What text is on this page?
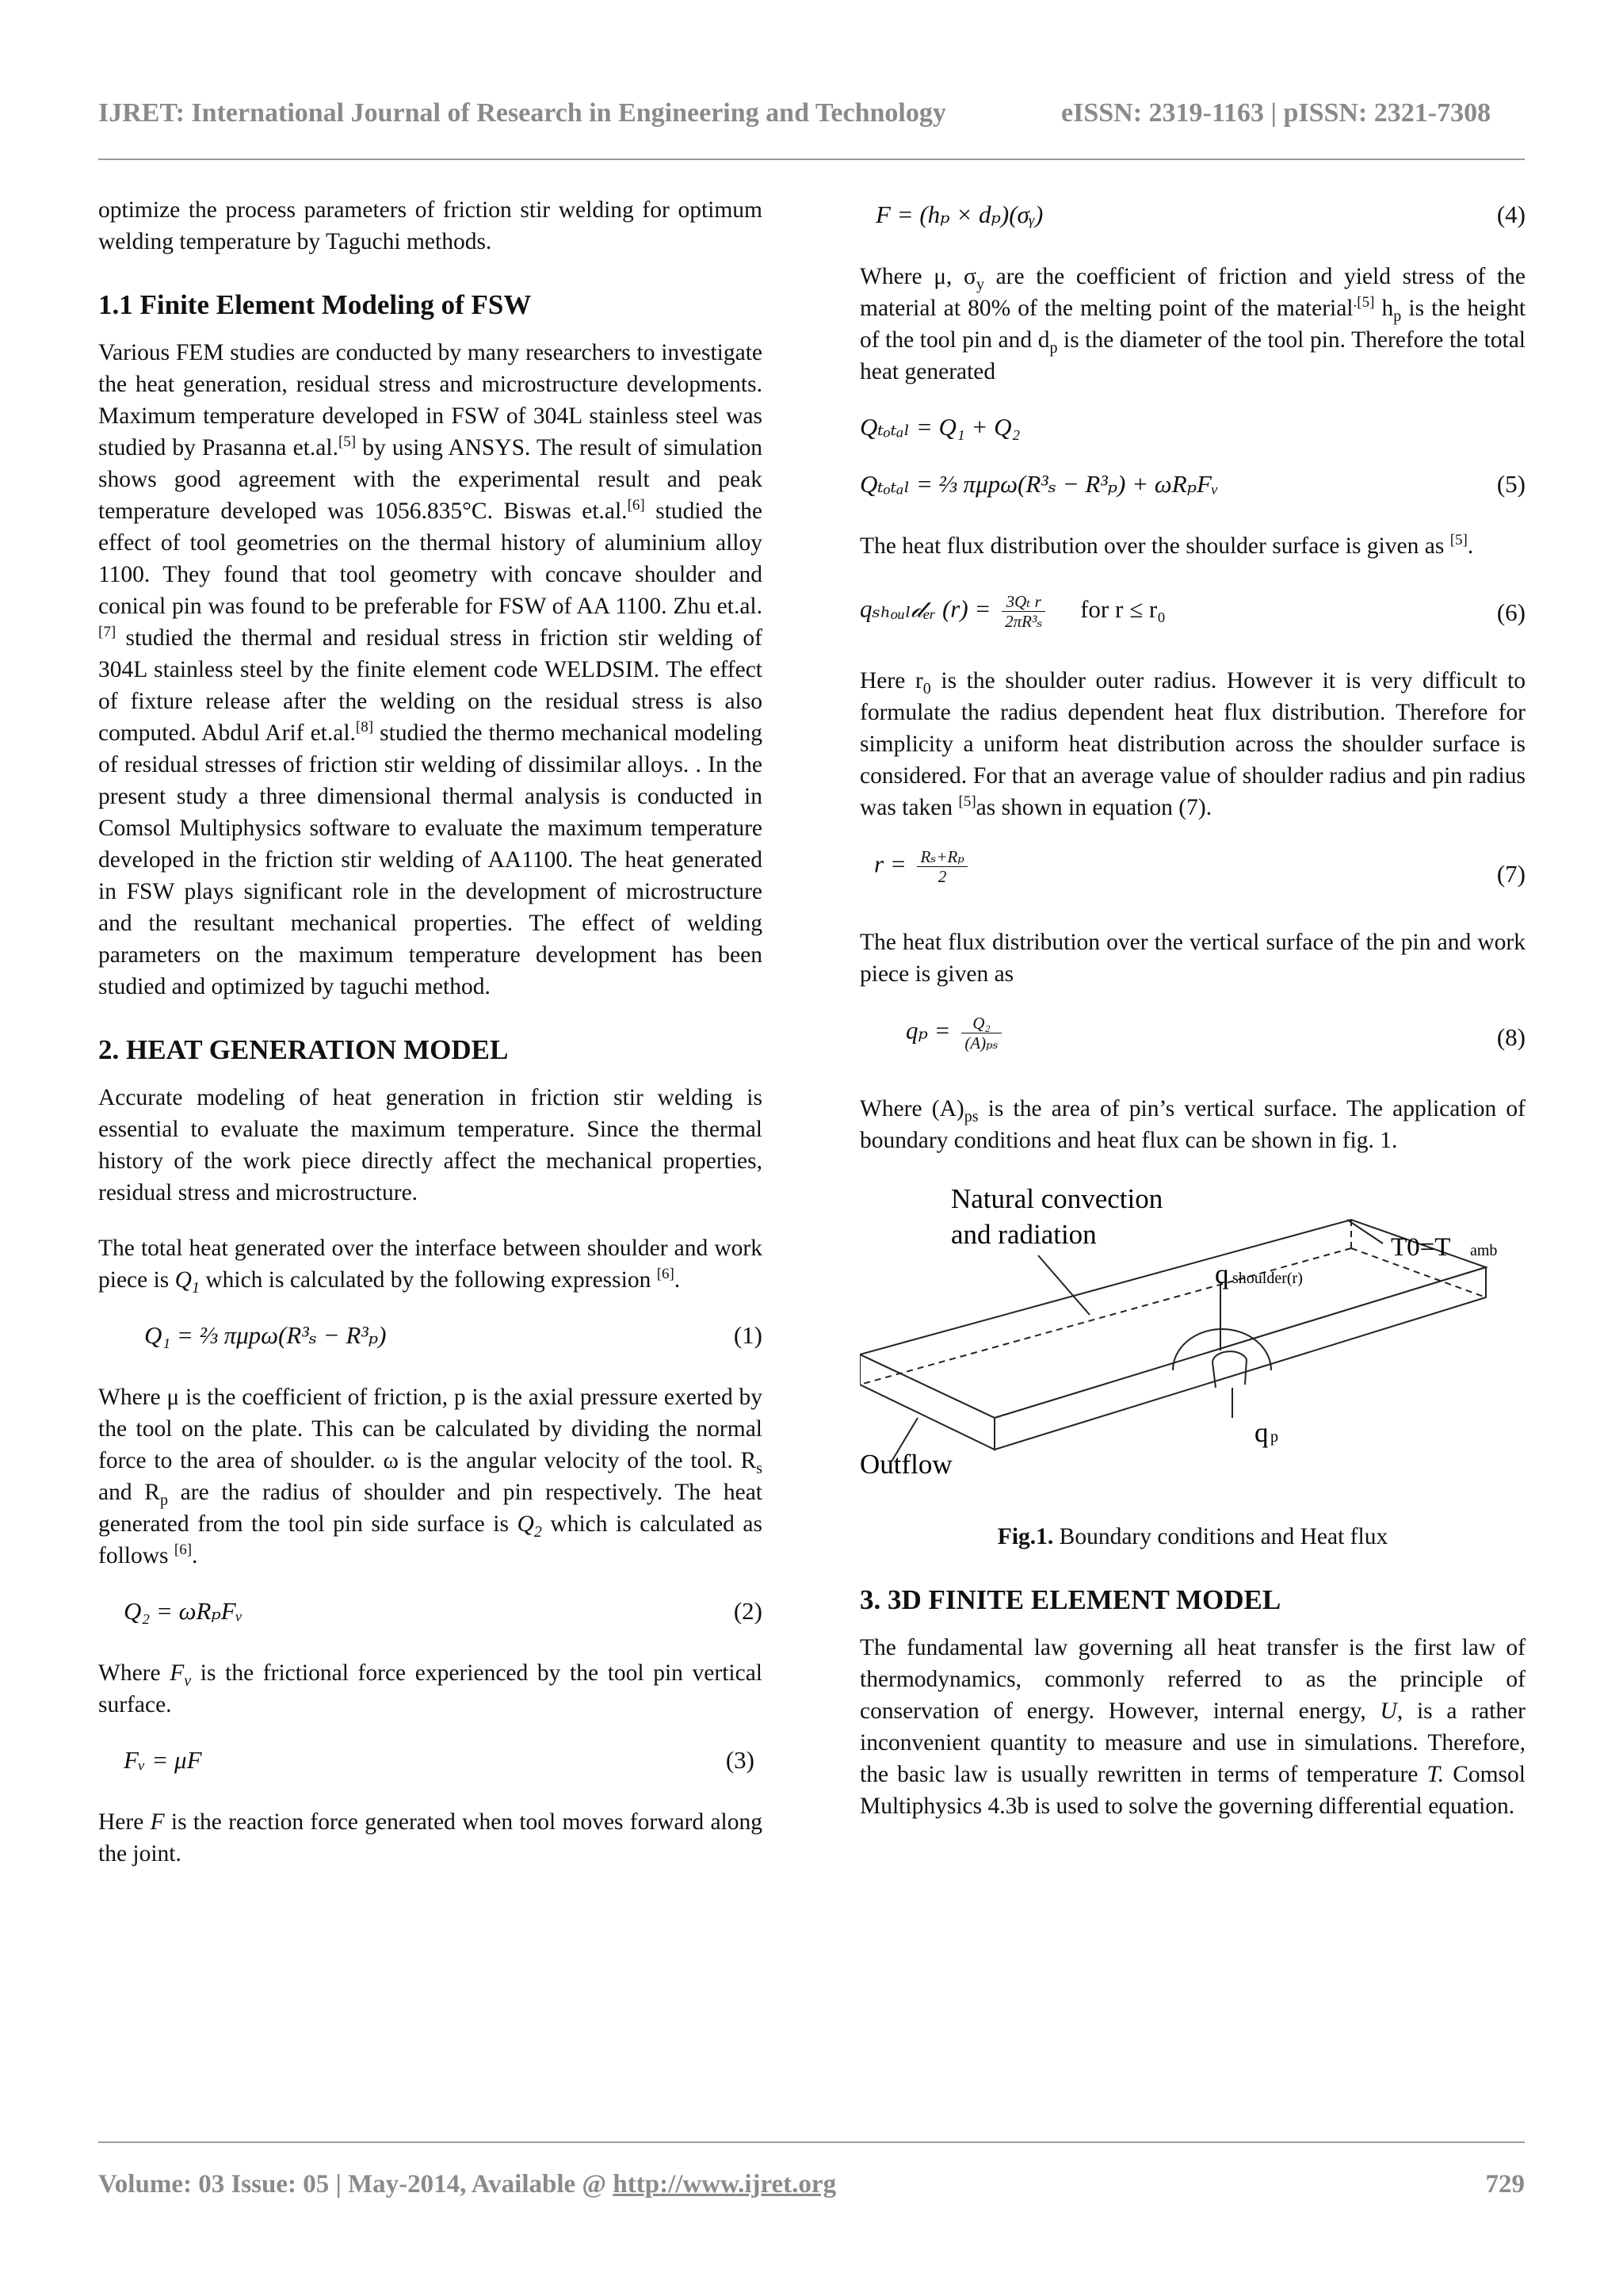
IJRET: International Journal of Research in Engineering and Technology	eISSN: 2319-1163 | pISSN: 2321-7308

optimize the process parameters of friction stir welding for optimum welding temperature by Taguchi methods.

1.1 Finite Element Modeling of FSW

Various FEM studies are conducted by many researchers to investigate the heat generation, residual stress and microstructure developments. Maximum temperature developed in FSW of 304L stainless steel was studied by Prasanna et.al.[5] by using ANSYS. The result of simulation shows good agreement with the experimental result and peak temperature developed was 1056.835°C. Biswas et.al.[6] studied the effect of tool geometries on the thermal history of aluminium alloy 1100. They found that tool geometry with concave shoulder and conical pin was found to be preferable for FSW of AA 1100. Zhu et.al.[7] studied the thermal and residual stress in friction stir welding of 304L stainless steel by the finite element code WELDSIM. The effect of fixture release after the welding on the residual stress is also computed. Abdul Arif et.al.[8] studied the thermo mechanical modeling of residual stresses of friction stir welding of dissimilar alloys. . In the present study a three dimensional thermal analysis is conducted in Comsol Multiphysics software to evaluate the maximum temperature developed in the friction stir welding of AA1100. The heat generated in FSW plays significant role in the development of microstructure and the resultant mechanical properties. The effect of welding parameters on the maximum temperature development has been studied and optimized by taguchi method.

2. HEAT GENERATION MODEL

Accurate modeling of heat generation in friction stir welding is essential to evaluate the maximum temperature. Since the thermal history of the work piece directly affect the mechanical properties, residual stress and microstructure.

The total heat generated over the interface between shoulder and work piece is $Q_1$ which is calculated by the following expression [6].

Q₁ = ⅔ πμpω(R³ₛ − R³ₚ)	(1)

Where μ is the coefficient of friction, p is the axial pressure exerted by the tool on the plate. This can be calculated by dividing the normal force to the area of shoulder. ω is the angular velocity of the tool. $R_s$ and $R_p$ are the radius of shoulder and pin respectively. The heat generated from the tool pin side surface is $Q_2$ which is calculated as follows [6].

Q₂ = ωRₚFᵥ	(2)

Where $F_v$ is the frictional force experienced by the tool pin vertical surface.

Fᵥ = μF	(3)

Here F is the reaction force generated when tool moves forward along the joint.

F = (hₚ × dₚ)(σᵧ)	(4)

Where μ, $\sigma_y$ are the coefficient of friction and yield stress of the material at 80% of the melting point of the material$^{.[5]}$ $h_p$ is the height of the tool pin and $d_p$ is the diameter of the tool pin. Therefore the total heat generated

Qₜₒₜₐₗ = Q₁ + Q₂
Qₜₒₜₐₗ = ⅔ πμpω(R³ₛ − R³ₚ) + ωRₚFᵥ	(5)

The heat flux distribution over the shoulder surface is given as [5].

qₛₕₒᵤₗ𝒹ₑᵣ $(r) = \frac{\text{3Qₜ r}}{\text{2πR³ₛ}}$ for r ≤ r₀	(6)

Here $r_0$ is the shoulder outer radius. However it is very difficult to formulate the radius dependent heat flux distribution. Therefore for simplicity a uniform heat distribution across the shoulder surface is considered. For that an average value of shoulder radius and pin radius was taken [5]as shown in equation (7).

$r = \frac{\text{Rₛ+Rₚ}}{2}$	(7)

The heat flux distribution over the vertical surface of the pin and work piece is given as

$q_p = \frac{\text{Q₂}}{\text{(A)ₚₛ}}$	(8)

Where $(A)_{ps}$ is the area of pin’s vertical surface. The application of boundary conditions and heat flux can be shown in fig. 1.

Natural convection
and radiation	T0=T amb
q shoulder(r)
Outflow
q p

Fig.1. Boundary conditions and Heat flux

3. 3D FINITE ELEMENT MODEL

The fundamental law governing all heat transfer is the first law of thermodynamics, commonly referred to as the principle of conservation of energy. However, internal energy, U, is a rather inconvenient quantity to measure and use in simulations. Therefore, the basic law is usually rewritten in terms of temperature T. Comsol Multiphysics 4.3b is used to solve the governing differential equation.

Volume: 03 Issue: 05 | May-2014, Available @ http://www.ijret.org	729
